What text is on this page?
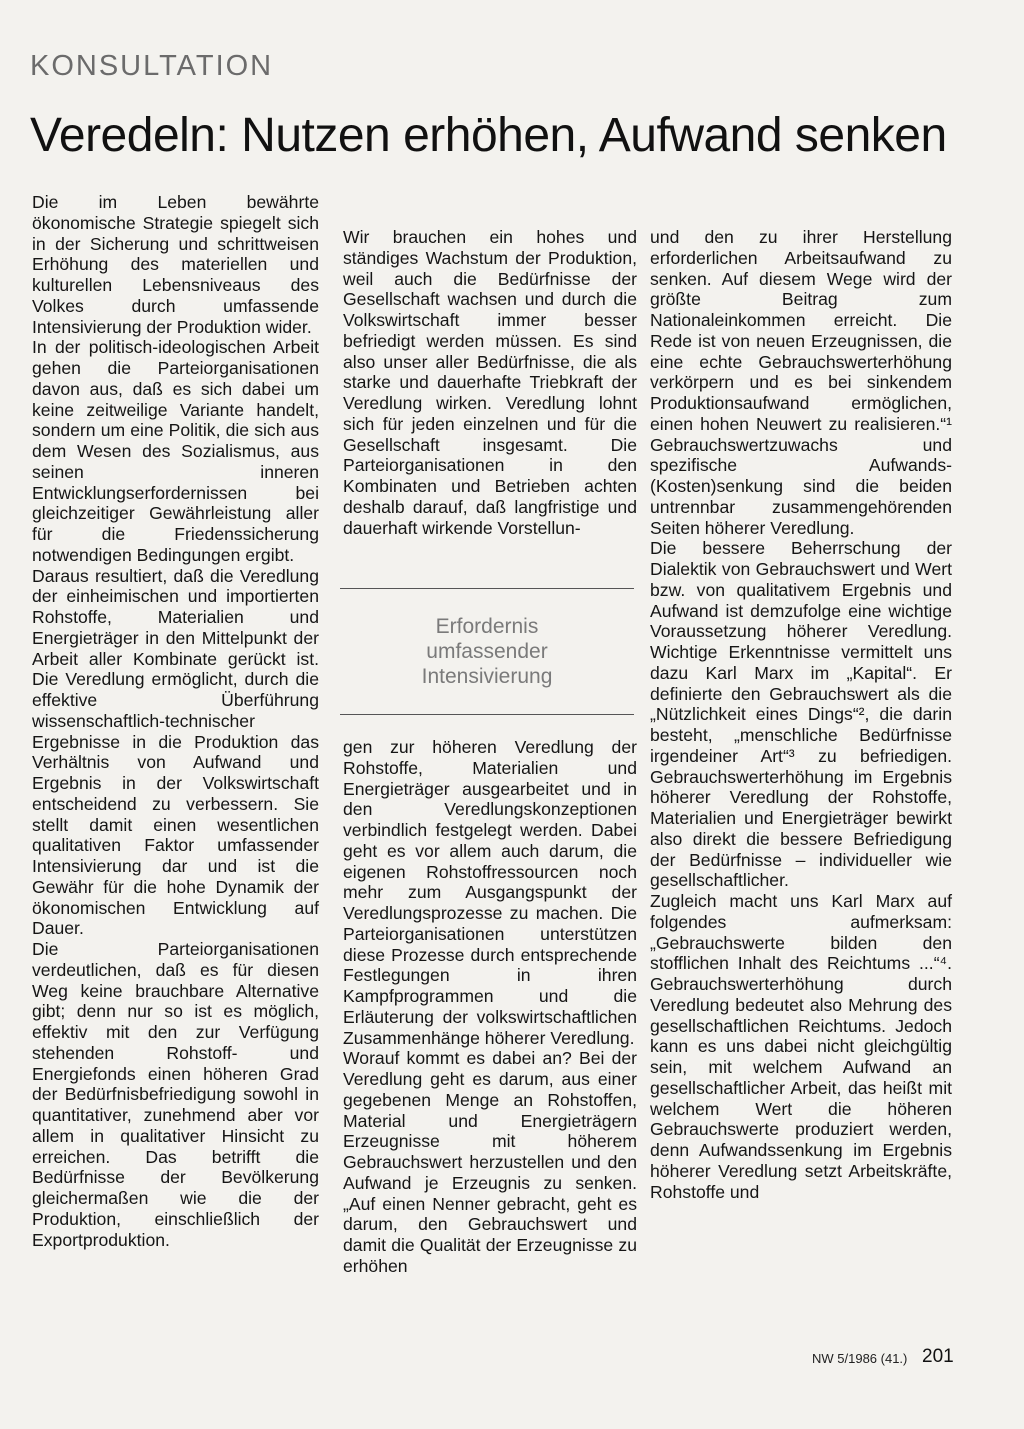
KONSULTATION
Veredeln: Nutzen erhöhen, Aufwand senken

Die im Leben bewährte ökonomische Strategie spiegelt sich in der Sicherung und schrittweisen Erhöhung des materiellen und kulturellen Lebensniveaus des Volkes durch umfassende Intensivierung der Produktion wider.

In der politisch-ideologischen Arbeit gehen die Parteiorganisationen davon aus, daß es sich dabei um keine zeitweilige Variante handelt, sondern um eine Politik, die sich aus dem Wesen des Sozialismus, aus seinen inneren Entwicklungserfordernissen bei gleichzeitiger Gewährleistung aller für die Friedenssicherung notwendigen Bedingungen ergibt.

Daraus resultiert, daß die Veredlung der einheimischen und importierten Rohstoffe, Materialien und Energieträger in den Mittelpunkt der Arbeit aller Kombinate gerückt ist. Die Veredlung ermöglicht, durch die effektive Überführung wissenschaftlich-technischer Ergebnisse in die Produktion das Verhältnis von Aufwand und Ergebnis in der Volkswirtschaft entscheidend zu verbessern. Sie stellt damit einen wesentlichen qualitativen Faktor umfassender Intensivierung dar und ist die Gewähr für die hohe Dynamik der ökonomischen Entwicklung auf Dauer.

Die Parteiorganisationen verdeutlichen, daß es für diesen Weg keine brauchbare Alternative gibt; denn nur so ist es möglich, effektiv mit den zur Verfügung stehenden Rohstoff- und Energiefonds einen höheren Grad der Bedürfnisbefriedigung sowohl in quantitativer, zunehmend aber vor allem in qualitativer Hinsicht zu erreichen. Das betrifft die Bedürfnisse der Bevölkerung gleichermaßen wie die der Produktion, einschließlich der Exportproduktion.

Wir brauchen ein hohes und ständiges Wachstum der Produktion, weil auch die Bedürfnisse der Gesellschaft wachsen und durch die Volkswirtschaft immer besser befriedigt werden müssen. Es sind also unser aller Bedürfnisse, die als starke und dauerhafte Triebkraft der Veredlung wirken. Veredlung lohnt sich für jeden einzelnen und für die Gesellschaft insgesamt. Die Parteiorganisationen in den Kombinaten und Betrieben achten deshalb darauf, daß langfristige und dauerhaft wirkende Vorstellun-

Erfordernis
umfassender
Intensivierung

gen zur höheren Veredlung der Rohstoffe, Materialien und Energieträger ausgearbeitet und in den Veredlungskonzeptionen verbindlich festgelegt werden. Dabei geht es vor allem auch darum, die eigenen Rohstoffressourcen noch mehr zum Ausgangspunkt der Veredlungsprozesse zu machen. Die Parteiorganisationen unterstützen diese Prozesse durch entsprechende Festlegungen in ihren Kampfprogrammen und die Erläuterung der volkswirtschaftlichen Zusammenhänge höherer Veredlung.

Worauf kommt es dabei an? Bei der Veredlung geht es darum, aus einer gegebenen Menge an Rohstoffen, Material und Energieträgern Erzeugnisse mit höherem Gebrauchswert herzustellen und den Aufwand je Erzeugnis zu senken. „Auf einen Nenner gebracht, geht es darum, den Gebrauchswert und damit die Qualität der Erzeugnisse zu erhöhen

und den zu ihrer Herstellung erforderlichen Arbeitsaufwand zu senken. Auf diesem Wege wird der größte Beitrag zum Nationaleinkommen erreicht. Die Rede ist von neuen Erzeugnissen, die eine echte Gebrauchswerterhöhung verkörpern und es bei sinkendem Produktionsaufwand ermöglichen, einen hohen Neuwert zu realisieren.“¹ Gebrauchswertzuwachs und spezifische Aufwands-(Kosten)senkung sind die beiden untrennbar zusammengehörenden Seiten höherer Veredlung.

Die bessere Beherrschung der Dialektik von Gebrauchswert und Wert bzw. von qualitativem Ergebnis und Aufwand ist demzufolge eine wichtige Voraussetzung höherer Veredlung. Wichtige Erkenntnisse vermittelt uns dazu Karl Marx im „Kapital“. Er definierte den Gebrauchswert als die „Nützlichkeit eines Dings“², die darin besteht, „menschliche Bedürfnisse irgendeiner Art“³ zu befriedigen. Gebrauchswerterhöhung im Ergebnis höherer Veredlung der Rohstoffe, Materialien und Energieträger bewirkt also direkt die bessere Befriedigung der Bedürfnisse – individueller wie gesellschaftlicher.

Zugleich macht uns Karl Marx auf folgendes aufmerksam: „Gebrauchswerte bilden den stofflichen Inhalt des Reichtums ...“⁴. Gebrauchswerterhöhung durch Veredlung bedeutet also Mehrung des gesellschaftlichen Reichtums. Jedoch kann es uns dabei nicht gleichgültig sein, mit welchem Aufwand an gesellschaftlicher Arbeit, das heißt mit welchem Wert die höheren Gebrauchswerte produziert werden, denn Aufwandssenkung im Ergebnis höherer Veredlung setzt Arbeitskräfte, Rohstoffe und

NW 5/1986 (41.) 201
